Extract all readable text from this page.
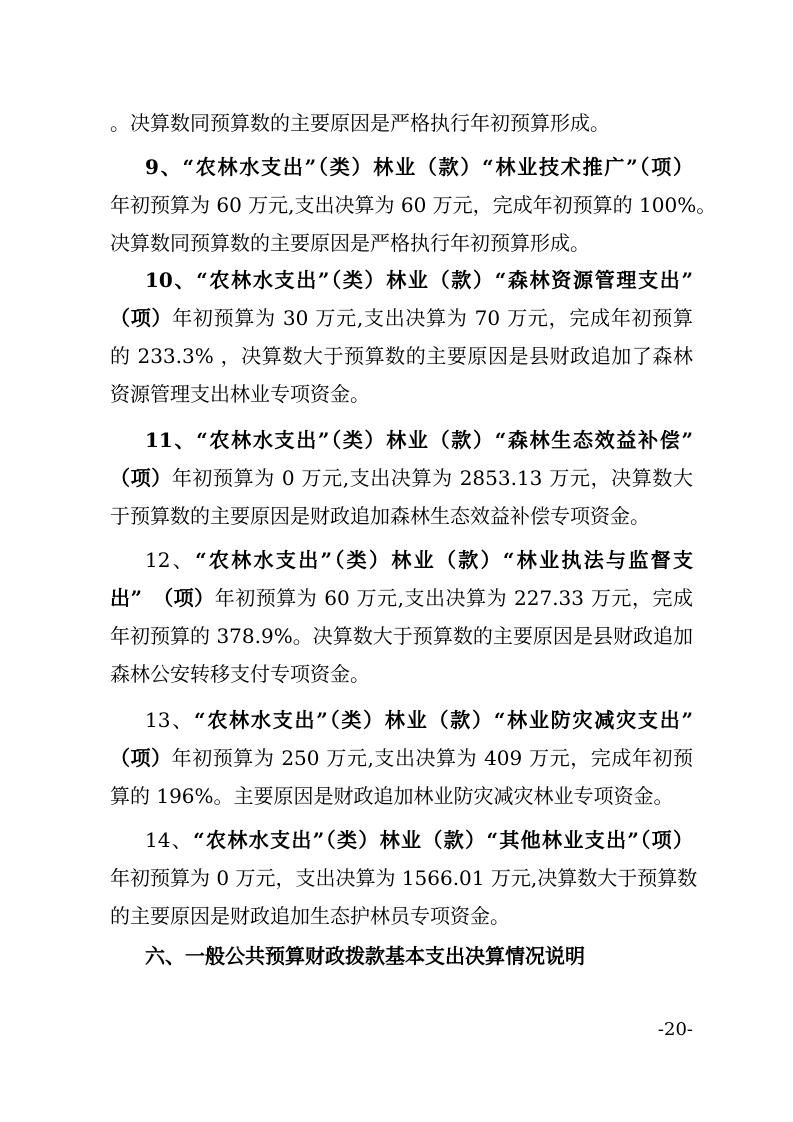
。决算数同预算数的主要原因是严格执行年初预算形成。
9、“农林水支出”（类）林业（款）“林业技术推广”（项）
年初预算为 60 万元,支出决算为 60 万元，完成年初预算的 100%。
决算数同预算数的主要原因是严格执行年初预算形成。
10、“农林水支出”（类）林业（款）“森林资源管理支出”
（项）年初预算为 30 万元,支出决算为 70 万元，完成年初预算
的 233.3% ，决算数大于预算数的主要原因是县财政追加了森林
资源管理支出林业专项资金。
11、“农林水支出”（类）林业（款）“森林生态效益补偿”
（项）年初预算为 0 万元,支出决算为 2853.13 万元，决算数大
于预算数的主要原因是财政追加森林生态效益补偿专项资金。
12、“农林水支出”（类）林业（款）“林业执法与监督支
出”　（项）年初预算为 60 万元,支出决算为 227.33 万元，完成
年初预算的 378.9%。决算数大于预算数的主要原因是县财政追加
森林公安转移支付专项资金。
13、“农林水支出”（类）林业（款）“林业防灾减灾支出”
（项）年初预算为 250 万元,支出决算为 409 万元，完成年初预
算的 196%。主要原因是财政追加林业防灾减灾林业专项资金。
14、“农林水支出”（类）林业（款）“其他林业支出”（项）
年初预算为 0 万元，支出决算为 1566.01 万元,决算数大于预算数
的主要原因是财政追加生态护林员专项资金。
六、一般公共预算财政拨款基本支出决算情况说明
-20-
